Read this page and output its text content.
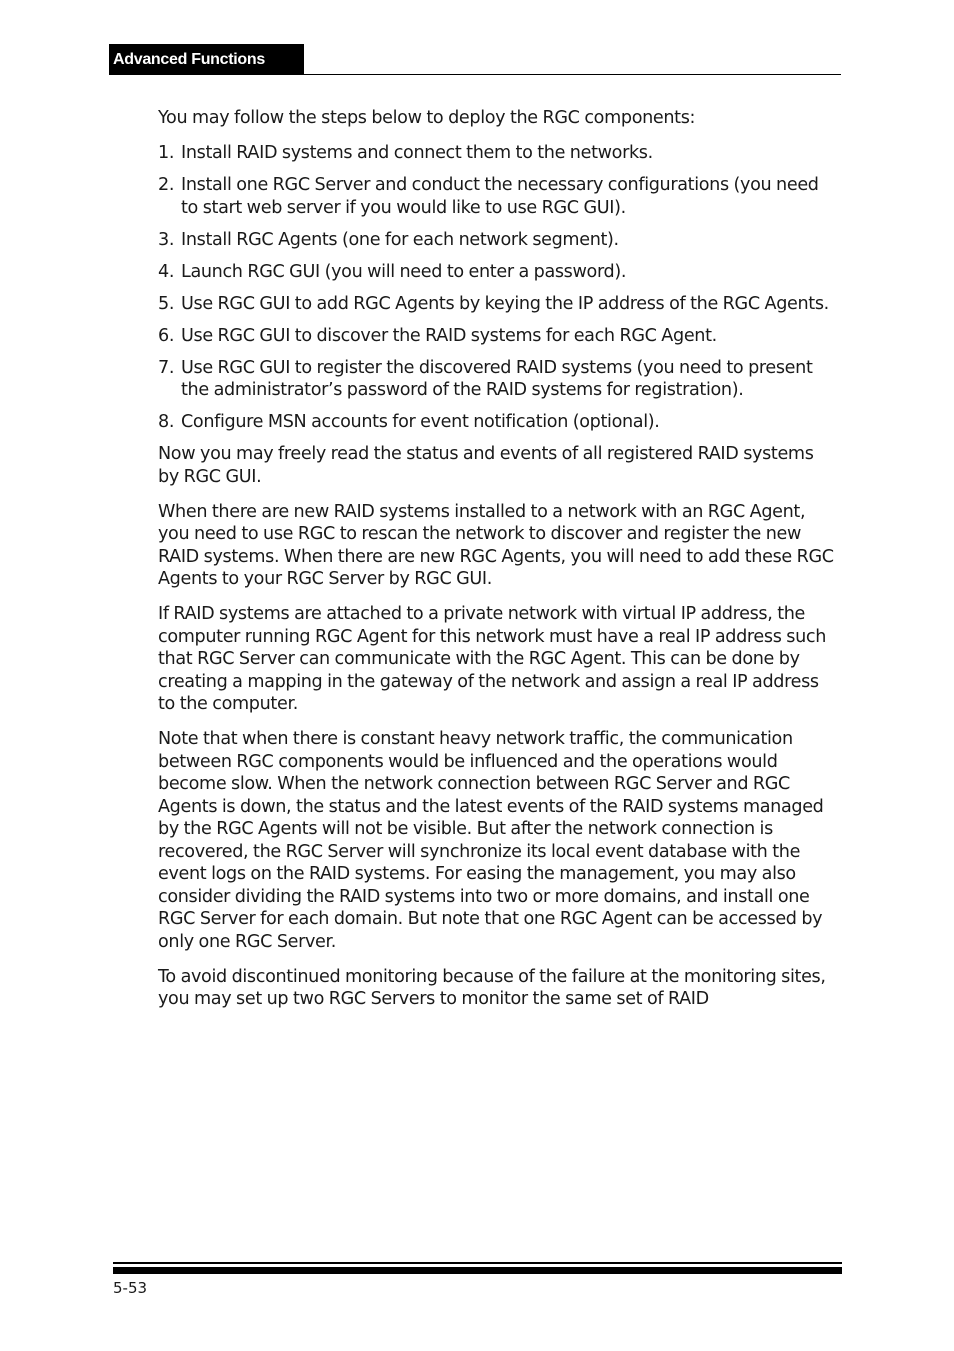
Advanced Functions

You may follow the steps below to deploy the RGC components:

1. Install RAID systems and connect them to the networks.
2. Install one RGC Server and conduct the necessary configurations (you need to start web server if you would like to use RGC GUI).
3. Install RGC Agents (one for each network segment).
4. Launch RGC GUI (you will need to enter a password).
5. Use RGC GUI to add RGC Agents by keying the IP address of the RGC Agents.
6. Use RGC GUI to discover the RAID systems for each RGC Agent.
7. Use RGC GUI to register the discovered RAID systems (you need to present the administrator’s password of the RAID systems for registration).
8. Configure MSN accounts for event notification (optional).

Now you may freely read the status and events of all registered RAID systems by RGC GUI.

When there are new RAID systems installed to a network with an RGC Agent, you need to use RGC to rescan the network to discover and register the new RAID systems. When there are new RGC Agents, you will need to add these RGC Agents to your RGC Server by RGC GUI.

If RAID systems are attached to a private network with virtual IP address, the computer running RGC Agent for this network must have a real IP address such that RGC Server can communicate with the RGC Agent. This can be done by creating a mapping in the gateway of the network and assign a real IP address to the computer.

Note that when there is constant heavy network traffic, the communication between RGC components would be influenced and the operations would become slow. When the network connection between RGC Server and RGC Agents is down, the status and the latest events of the RAID systems managed by the RGC Agents will not be visible. But after the network connection is recovered, the RGC Server will synchronize its local event database with the event logs on the RAID systems. For easing the management, you may also consider dividing the RAID systems into two or more domains, and install one RGC Server for each domain. But note that one RGC Agent can be accessed by only one RGC Server.

To avoid discontinued monitoring because of the failure at the monitoring sites, you may set up two RGC Servers to monitor the same set of RAID

5-53
